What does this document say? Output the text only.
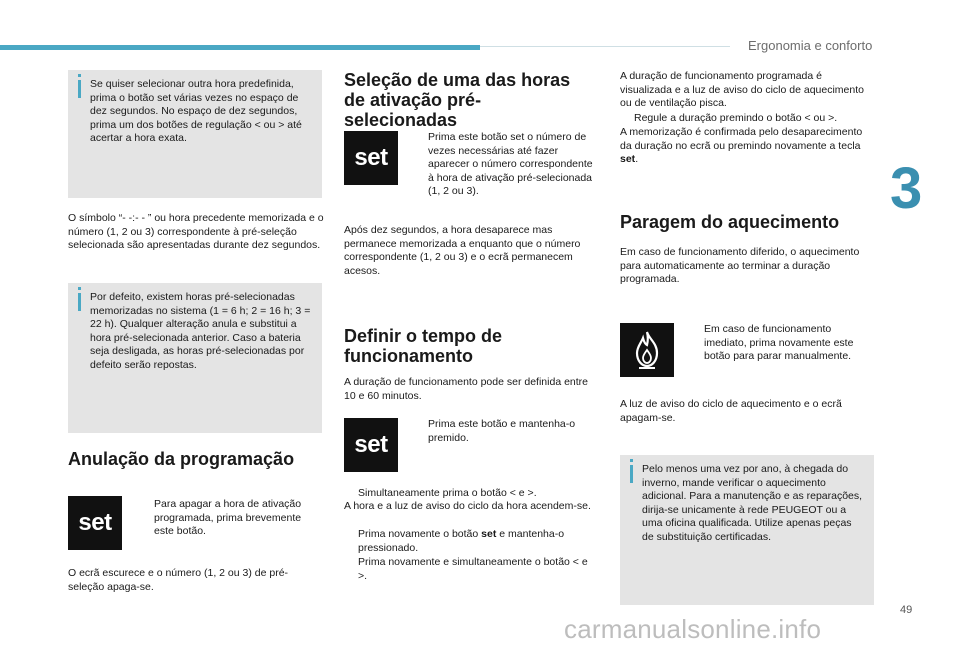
Ergonomia e conforto
3
49
carmanualsonline.info
Se quiser selecionar outra hora predefinida, prima o botão set várias vezes no espaço de dez segundos. No espaço de dez segundos, prima um dos botões de regulação < ou > até acertar a hora exata.
O símbolo “- -:- - ” ou hora precedente memorizada e o número (1, 2 ou 3) correspondente à pré-seleção selecionada são apresentadas durante dez segundos.
Por defeito, existem horas pré-selecionadas memorizadas no sistema (1 = 6 h; 2 = 16 h; 3 = 22 h). Qualquer alteração anula e substitui a hora pré-selecionada anterior. Caso a bateria seja desligada, as horas pré-selecionadas por defeito serão repostas.
Anulação da programação
set
Para apagar a hora de ativação programada, prima brevemente este botão.
O ecrã escurece e o número (1, 2 ou 3) de pré-seleção apaga-se.
Seleção de uma das horas de ativação pré-selecionadas
set
Prima este botão set o número de vezes necessárias até fazer aparecer o número correspondente à hora de ativação pré-selecionada (1, 2 ou 3).
Após dez segundos, a hora desaparece mas permanece memorizada a enquanto que o número correspondente (1, 2 ou 3) e o ecrã permanecem acesos.
Definir o tempo de funcionamento
A duração de funcionamento pode ser definida entre 10 e 60 minutos.
set
Prima este botão e mantenha-o premido.
Simultaneamente prima o botão < e >.
A hora e a luz de aviso do ciclo da hora acendem-se.
Prima novamente o botão set e mantenha-o pressionado.
Prima novamente e simultaneamente o botão < e >.
A duração de funcionamento programada é visualizada e a luz de aviso do ciclo de aquecimento ou de ventilação pisca.
Regule a duração premindo o botão < ou >.
A memorização é confirmada pelo desaparecimento da duração no ecrã ou premindo novamente a tecla set.
Paragem do aquecimento
Em caso de funcionamento diferido, o aquecimento para automaticamente ao terminar a duração programada.
Em caso de funcionamento imediato, prima novamente este botão para parar manualmente.
A luz de aviso do ciclo de aquecimento e o ecrã apagam-se.
Pelo menos uma vez por ano, à chegada do inverno, mande verificar o aquecimento adicional. Para a manutenção e as reparações, dirija-se unicamente à rede PEUGEOT ou a uma oficina qualificada. Utilize apenas peças de substituição certificadas.
